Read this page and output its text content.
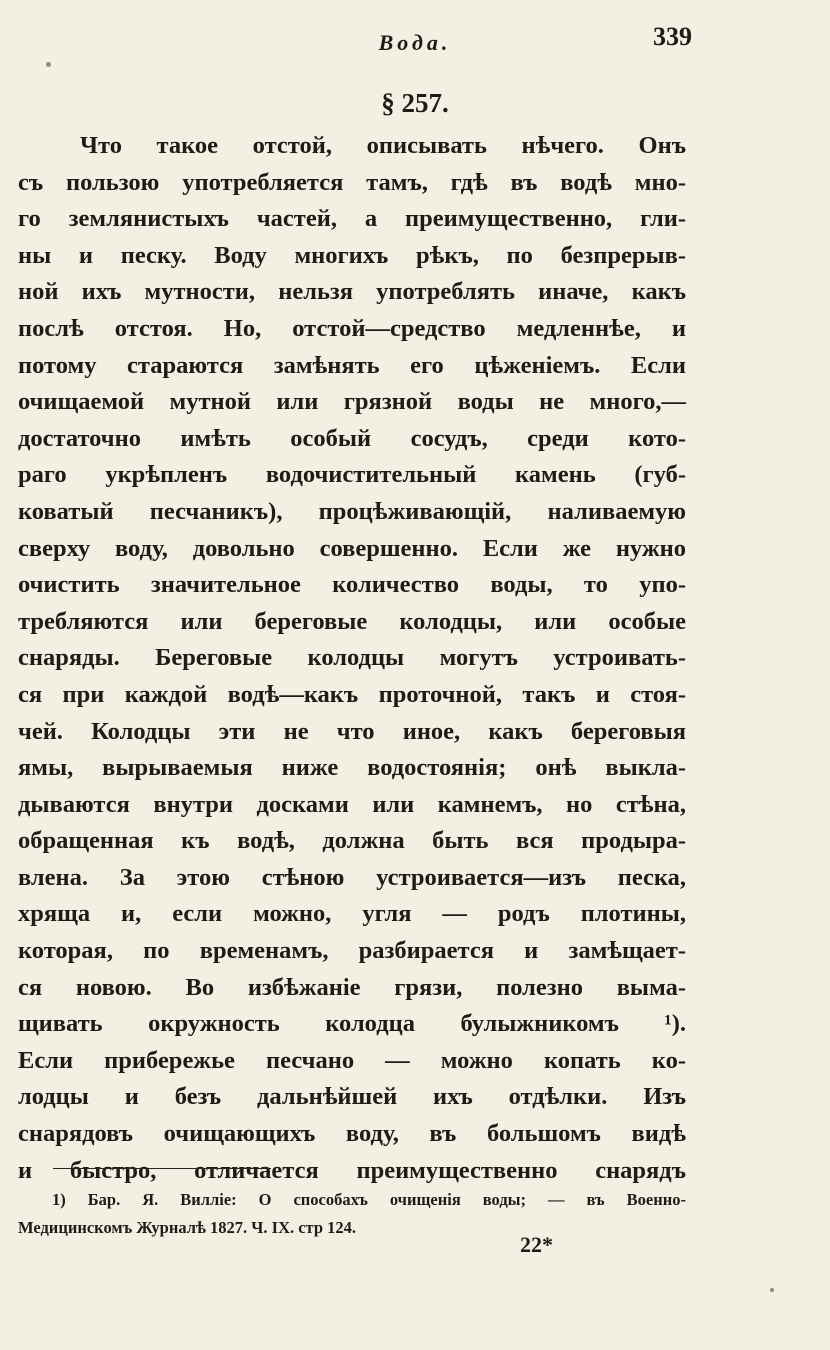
Вода.	339
§ 257.
Что такое отстой, описывать нѣчего. Онъ
съ пользою употребляется тамъ, гдѣ въ водѣ мно-
го землянистыхъ частей, а преимущественно, гли-
ны и песку. Воду многихъ рѣкъ, по безпрерыв-
ной ихъ мутности, нельзя употреблять иначе, какъ
послѣ отстоя. Но, отстой—средство медленнѣе, и
потому стараются замѣнять его цѣженіемъ. Если
очищаемой мутной или грязной воды не много,—
достаточно имѣть особый сосудъ, среди кото-
раго укрѣпленъ водочистительный камень (губ-
коватый песчаникъ), процѣживающій, наливаемую
сверху воду, довольно совершенно. Если же нужно
очистить значительное количество воды, то упо-
требляются или береговые колодцы, или особые
снаряды. Береговые колодцы могутъ устроивать-
ся при каждой водѣ—какъ проточной, такъ и стоя-
чей. Колодцы эти не что иное, какъ береговыя
ямы, вырываемыя ниже водостоянія; онѣ выкла-
дываются внутри досками или камнемъ, но стѣна,
обращенная къ водѣ, должна быть вся продыра-
влена. За этою стѣною устроивается—изъ песка,
хряща и, если можно, угля — родъ плотины,
которая, по временамъ, разбирается и замѣщает-
ся новою. Во избѣжаніе грязи, полезно выма-
щивать окружность колодца булыжникомъ ¹).
Если прибережье песчано — можно копать ко-
лодцы и безъ дальнѣйшей ихъ отдѣлки. Изъ
снарядовъ очищающихъ воду, въ большомъ видѣ
и быстро, отличается преимущественно снарядъ
1) Бар. Я. Вилліе: О способахъ очищенія воды; — въ Военно-
Медицинскомъ Журналѣ 1827. Ч. IX. стр 124.
22*
